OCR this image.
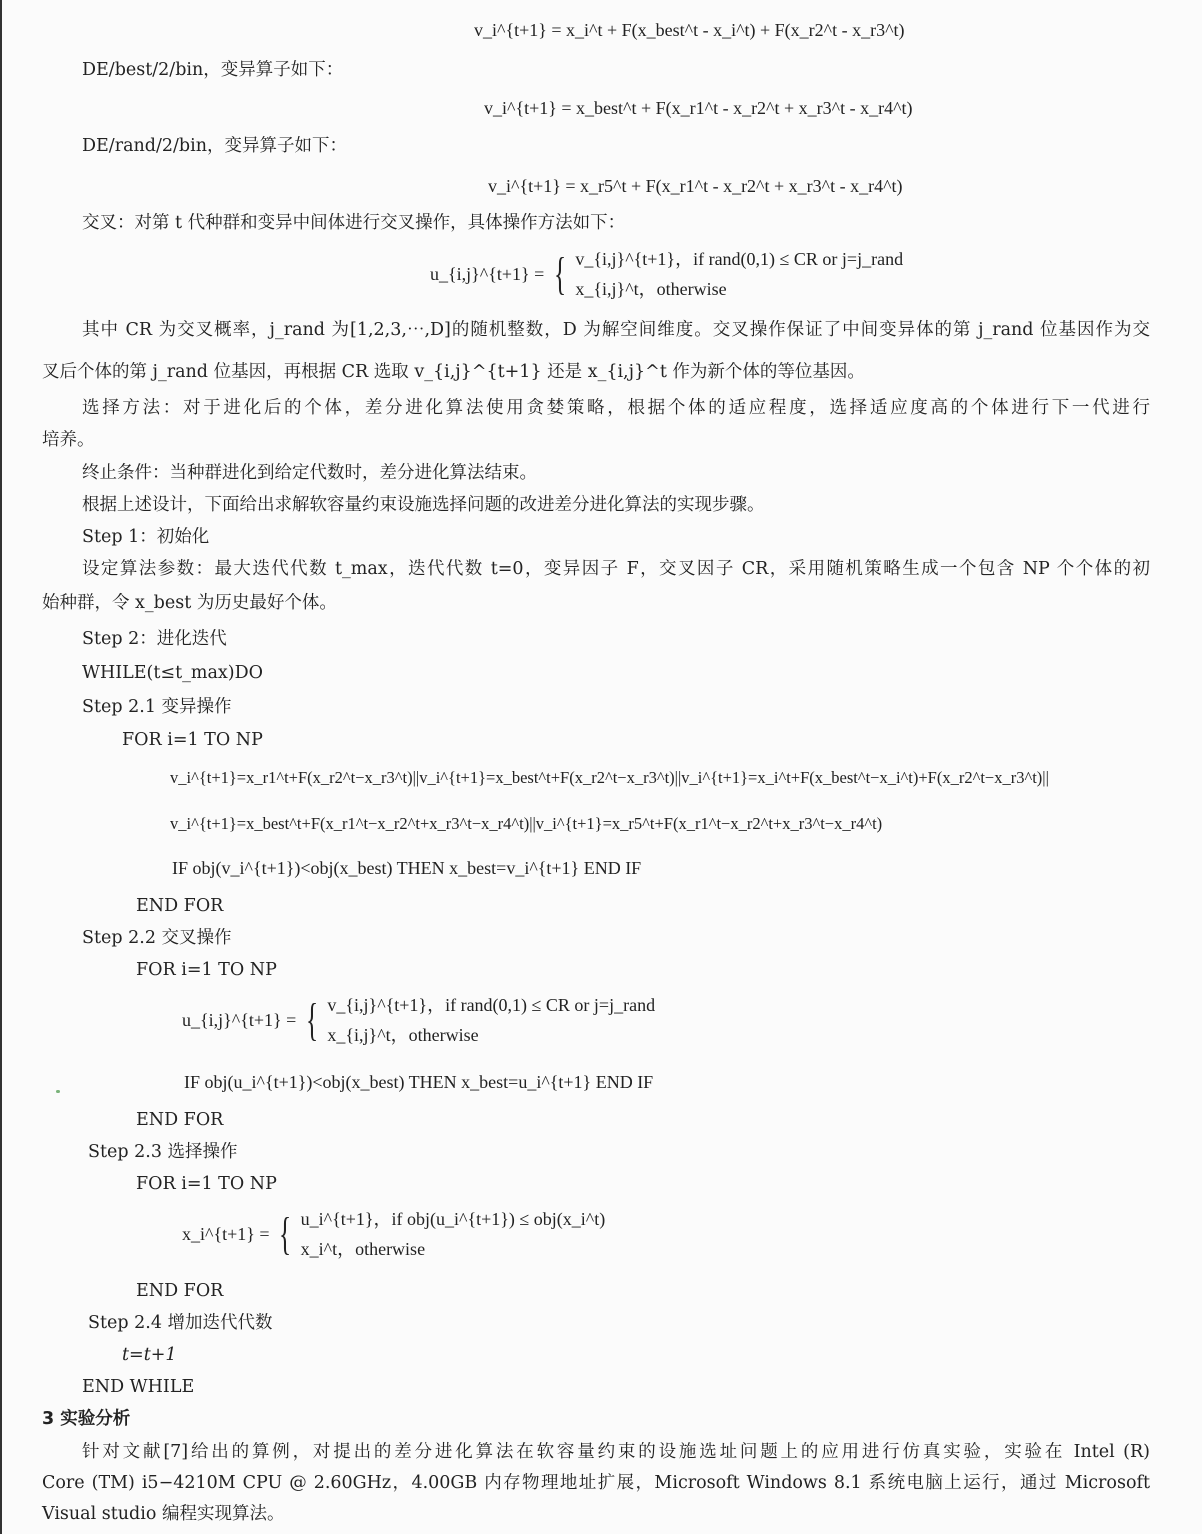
v_i^{t+1} = x_i^t + F(x_best^t - x_i^t) + F(x_r2^t - x_r3^t)
DE/best/2/bin，变异算子如下：
v_i^{t+1} = x_best^t + F(x_r1^t - x_r2^t + x_r3^t - x_r4^t)
DE/rand/2/bin，变异算子如下：
v_i^{t+1} = x_r5^t + F(x_r1^t - x_r2^t + x_r3^t - x_r4^t)
交叉：对第 t 代种群和变异中间体进行交叉操作，具体操作方法如下：
u_{i,j}^{t+1} = { v_{i,j}^{t+1}，if rand(0,1) ≤ CR or j=j_rand
x_{i,j}^t，otherwise
其中 CR 为交叉概率，j_rand 为[1,2,3,⋯,D]的随机整数，D 为解空间维度。交叉操作保证了中间变异体的第 j_rand 位基因作为交
叉后个体的第 j_rand 位基因，再根据 CR 选取 v_{i,j}^{t+1} 还是 x_{i,j}^t 作为新个体的等位基因。
选择方法：对于进化后的个体，差分进化算法使用贪婪策略，根据个体的适应程度，选择适应度高的个体进行下一代进行
培养。
终止条件：当种群进化到给定代数时，差分进化算法结束。
根据上述设计，下面给出求解软容量约束设施选择问题的改进差分进化算法的实现步骤。
Step 1：初始化
设定算法参数：最大迭代代数 t_max，迭代代数 t=0，变异因子 F，交叉因子 CR，采用随机策略生成一个包含 NP 个个体的初
始种群，令 x_best 为历史最好个体。
Step 2：进化迭代
WHILE(t≤t_max)DO
Step 2.1 变异操作
FOR i=1 TO NP
v_i^{t+1}=x_r1^t+F(x_r2^t−x_r3^t)||v_i^{t+1}=x_best^t+F(x_r2^t−x_r3^t)||v_i^{t+1}=x_i^t+F(x_best^t−x_i^t)+F(x_r2^t−x_r3^t)||
v_i^{t+1}=x_best^t+F(x_r1^t−x_r2^t+x_r3^t−x_r4^t)||v_i^{t+1}=x_r5^t+F(x_r1^t−x_r2^t+x_r3^t−x_r4^t)
IF obj(v_i^{t+1})<obj(x_best) THEN x_best=v_i^{t+1} END IF
END FOR
Step 2.2 交叉操作
FOR i=1 TO NP
u_{i,j}^{t+1} = { v_{i,j}^{t+1}，if rand(0,1) ≤ CR or j=j_rand
x_{i,j}^t，otherwise
IF obj(u_i^{t+1})<obj(x_best) THEN x_best=u_i^{t+1} END IF
END FOR
Step 2.3 选择操作
FOR i=1 TO NP
x_i^{t+1} = { u_i^{t+1}，if obj(u_i^{t+1}) ≤ obj(x_i^t)
x_i^t，otherwise
END FOR
Step 2.4 增加迭代代数
t=t+1
END WHILE
3 实验分析
针对文献[7]给出的算例，对提出的差分进化算法在软容量约束的设施选址问题上的应用进行仿真实验，实验在 Intel (R)
Core (TM) i5−4210M CPU @ 2.60GHz，4.00GB 内存物理地址扩展，Microsoft Windows 8.1 系统电脑上运行，通过 Microsoft
Visual studio 编程实现算法。
